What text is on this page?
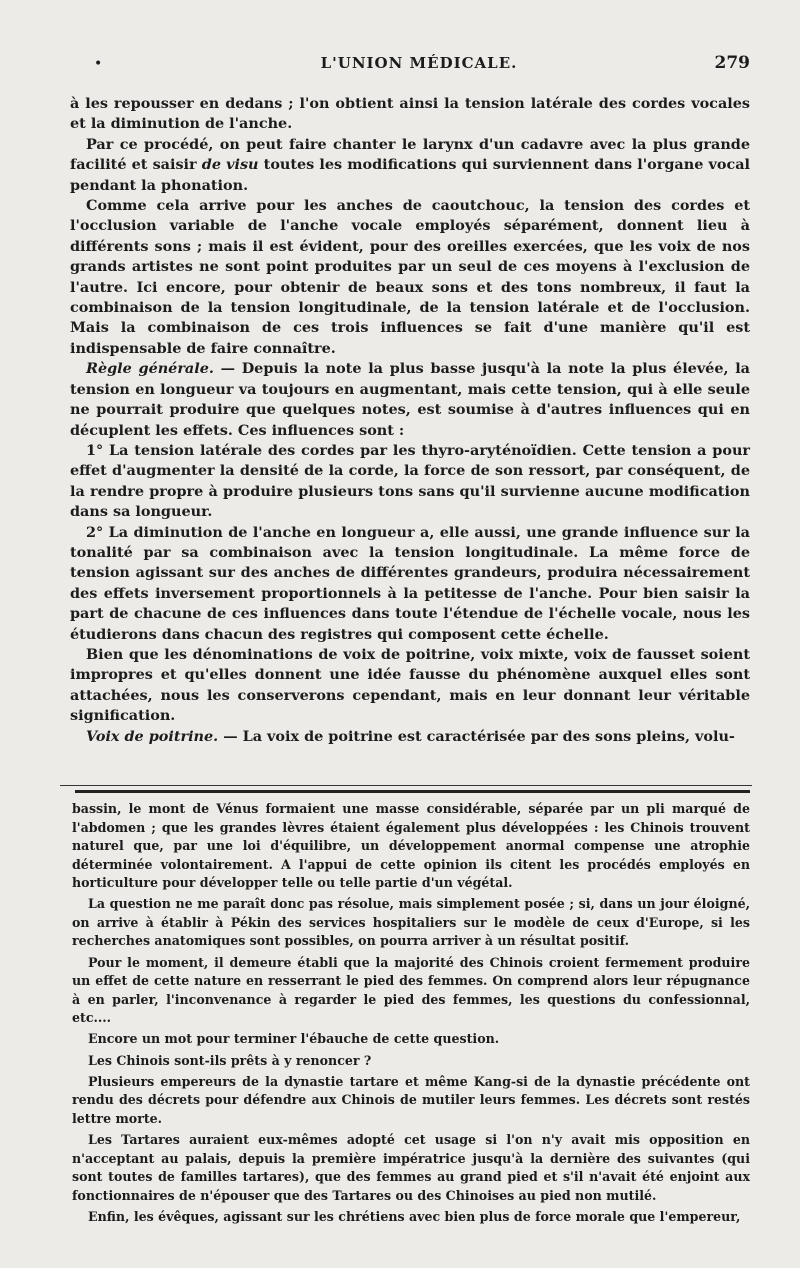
•	L'UNION MÉDICALE.	279

à les repousser en dedans ; l'on obtient ainsi la tension latérale des cordes vocales et la diminution de l'anche.

Par ce procédé, on peut faire chanter le larynx d'un cadavre avec la plus grande facilité et saisir de visu toutes les modifications qui surviennent dans l'organe vocal pendant la phonation.

Comme cela arrive pour les anches de caoutchouc, la tension des cordes et l'occlusion variable de l'anche vocale employés séparément, donnent lieu à différents sons ; mais il est évident, pour des oreilles exercées, que les voix de nos grands artistes ne sont point produites par un seul de ces moyens à l'exclusion de l'autre. Ici encore, pour obtenir de beaux sons et des tons nombreux, il faut la combinaison de la tension longitudinale, de la tension latérale et de l'occlusion. Mais la combinaison de ces trois influences se fait d'une manière qu'il est indispensable de faire connaître.

Règle générale. — Depuis la note la plus basse jusqu'à la note la plus élevée, la tension en longueur va toujours en augmentant, mais cette tension, qui à elle seule ne pourrait produire que quelques notes, est soumise à d'autres influences qui en décuplent les effets. Ces influences sont :

1° La tension latérale des cordes par les thyro-aryténoïdien. Cette tension a pour effet d'augmenter la densité de la corde, la force de son ressort, par conséquent, de la rendre propre à produire plusieurs tons sans qu'il survienne aucune modification dans sa longueur.

2° La diminution de l'anche en longueur a, elle aussi, une grande influence sur la tonalité par sa combinaison avec la tension longitudinale. La même force de tension agissant sur des anches de différentes grandeurs, produira nécessairement des effets inversement proportionnels à la petitesse de l'anche. Pour bien saisir la part de chacune de ces influences dans toute l'étendue de l'échelle vocale, nous les étudierons dans chacun des registres qui composent cette échelle.

Bien que les dénominations de voix de poitrine, voix mixte, voix de fausset soient impropres et qu'elles donnent une idée fausse du phénomène auxquel elles sont attachées, nous les conserverons cependant, mais en leur donnant leur véritable signification.

Voix de poitrine. — La voix de poitrine est caractérisée par des sons pleins, volu-

bassin, le mont de Vénus formaient une masse considérable, séparée par un pli marqué de l'abdomen ; que les grandes lèvres étaient également plus développées : les Chinois trouvent naturel que, par une loi d'équilibre, un développement anormal compense une atrophie déterminée volontairement. A l'appui de cette opinion ils citent les procédés employés en horticulture pour développer telle ou telle partie d'un végétal.

La question ne me paraît donc pas résolue, mais simplement posée ; si, dans un jour éloigné, on arrive à établir à Pékin des services hospitaliers sur le modèle de ceux d'Europe, si les recherches anatomiques sont possibles, on pourra arriver à un résultat positif.

Pour le moment, il demeure établi que la majorité des Chinois croient fermement produire un effet de cette nature en resserrant le pied des femmes. On comprend alors leur répugnance à en parler, l'inconvenance à regarder le pied des femmes, les questions du confessionnal, etc....

Encore un mot pour terminer l'ébauche de cette question.

Les Chinois sont-ils prêts à y renoncer ?

Plusieurs empereurs de la dynastie tartare et même Kang-si de la dynastie précédente ont rendu des décrets pour défendre aux Chinois de mutiler leurs femmes. Les décrets sont restés lettre morte.

Les Tartares auraient eux-mêmes adopté cet usage si l'on n'y avait mis opposition en n'acceptant au palais, depuis la première impératrice jusqu'à la dernière des suivantes (qui sont toutes de familles tartares), que des femmes au grand pied et s'il n'avait été enjoint aux fonctionnaires de n'épouser que des Tartares ou des Chinoises au pied non mutilé.

Enfin, les évêques, agissant sur les chrétiens avec bien plus de force morale que l'empereur,
